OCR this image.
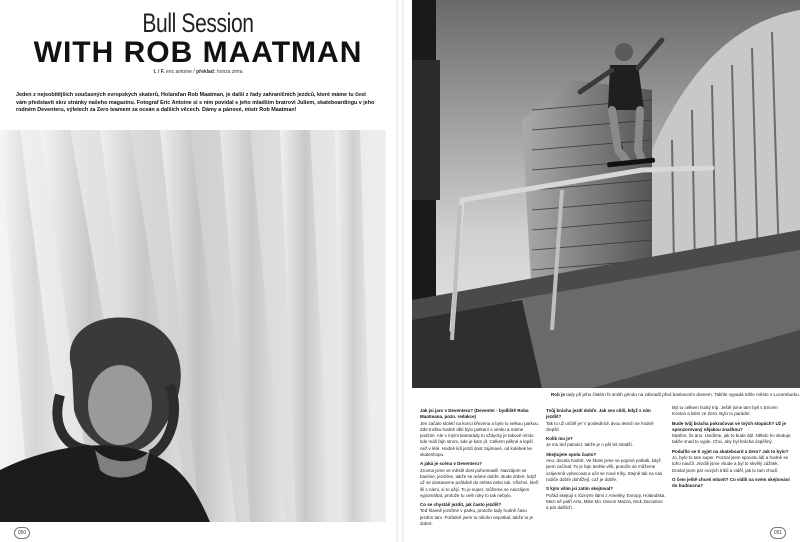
Bull Session
WITH ROB MAATMAN
t. / F. eric antoine / překlad: honza zima
Jeden z nejsobitějších současných evropských skaterů, Holanďan Rob Maatman, je další z řady zahraničních jezdců, které máme tu čest vám představit skrz stránky našeho magazínu. Fotograf Eric Antoine si s ním povídal s jeho mladším bratrovi Juliem, skateboardingu v jeho rodném Deventeru, výletech za Zero teamem za oceán a dalších věcech. Dámy a pánové, mistr Rob Maatman!
050
Rob je tady při jeho čistém fs smith grindu na zábradlí před bankovním domem. Takhle vypadá tohle město v Lucemburku.
Jak jsi jaro v Deventeru? (Deventer - bydliště Roba Maatmana, pozn. redakce)

Jen začalo století na konci březena a bylo to velkou parkou. Zde trošku hodně děti bylo potkaní s venku a máme podzim. Ale s mými kamarády tu vždycky je takové místo kde máš fajn strom, kde je kam jít. Celkem pěkné a lepší než v létě. Hodně lidí jezdí dost zajímavé, od kolébek ke skateshopu.

A jaká je scéna v Deventeru?

Zrovna jsme ve městě dost pohromadě. Navzájem se bavíme, jezdíme, takže se máme dobře. Bude dobré, když už se dostaneme pořádně do města nebo tak. Všichni, kteří šli s námi, si to užijí. To je super, můžeme se navzájem vypomáhat, protože tu celé roky to tak nebylo.

Co se chystáš jezdit, jak často jezdíš?

Teď hlavně jezdíme v parku, protože tady hodně času jezdím tam. Pořádně jsem tu nikoho nepotkal, takže to je dobré.

Tvůj brácha jezdí dobře. Jak ses cítíš, když s ním jezdíš?

Tak to už určitě je! V posledních dvou letech se hodně zlepšil.

Kolik mu je?

Je mu teď patnáct, takže je o pět let mladší.

Skejtujete spolu často?

Ano, docela hodně. Ve škole jsme se poprvé potkali, když jsem začínal. To je fajn tenhle věk, protože se můžeme vzájemně vyhecovat a učit se nové triky. Stejně tak na nás rodiče dobře dohlížejí, což je dobře.

S kým vším jsi zatím skejtoval?

Pořád skejtuji s různými lidmi z Ameriky, Evropy, Holandska. Mezi ně patří Arto, Mike Mo, Devon Mazza, Nick Zaccaloni a pár dalších.

Byl to celkem hustý trip. Ještě jsme tam byli s Ericem Koston a lidmi ze Zera. Bylo to parádní.

Bude tvůj brácha pokračovat ve tvých stopách? Už je sponzorovaný nějakou značkou?

Myslím, že ano. Uvidíme, jak to bude dál. Někdo ho sleduje, takže snad to vyjde. Chci, aby byl brácha úspěšný.

Podařilo se ti vyjet na skateboard a Zero? Jak to bylo?

Jo, bylo to tam super. Poznal jsem spoustu lidí a hodně se toho naučil. Jezdili jsme všude a byl to skvělý zážitek. Dostal jsem pár nových triků a viděl, jak to tam chodí.

O čem ještě chceš mluvit? Co vidíš na svém skejtování do budoucna?
051
